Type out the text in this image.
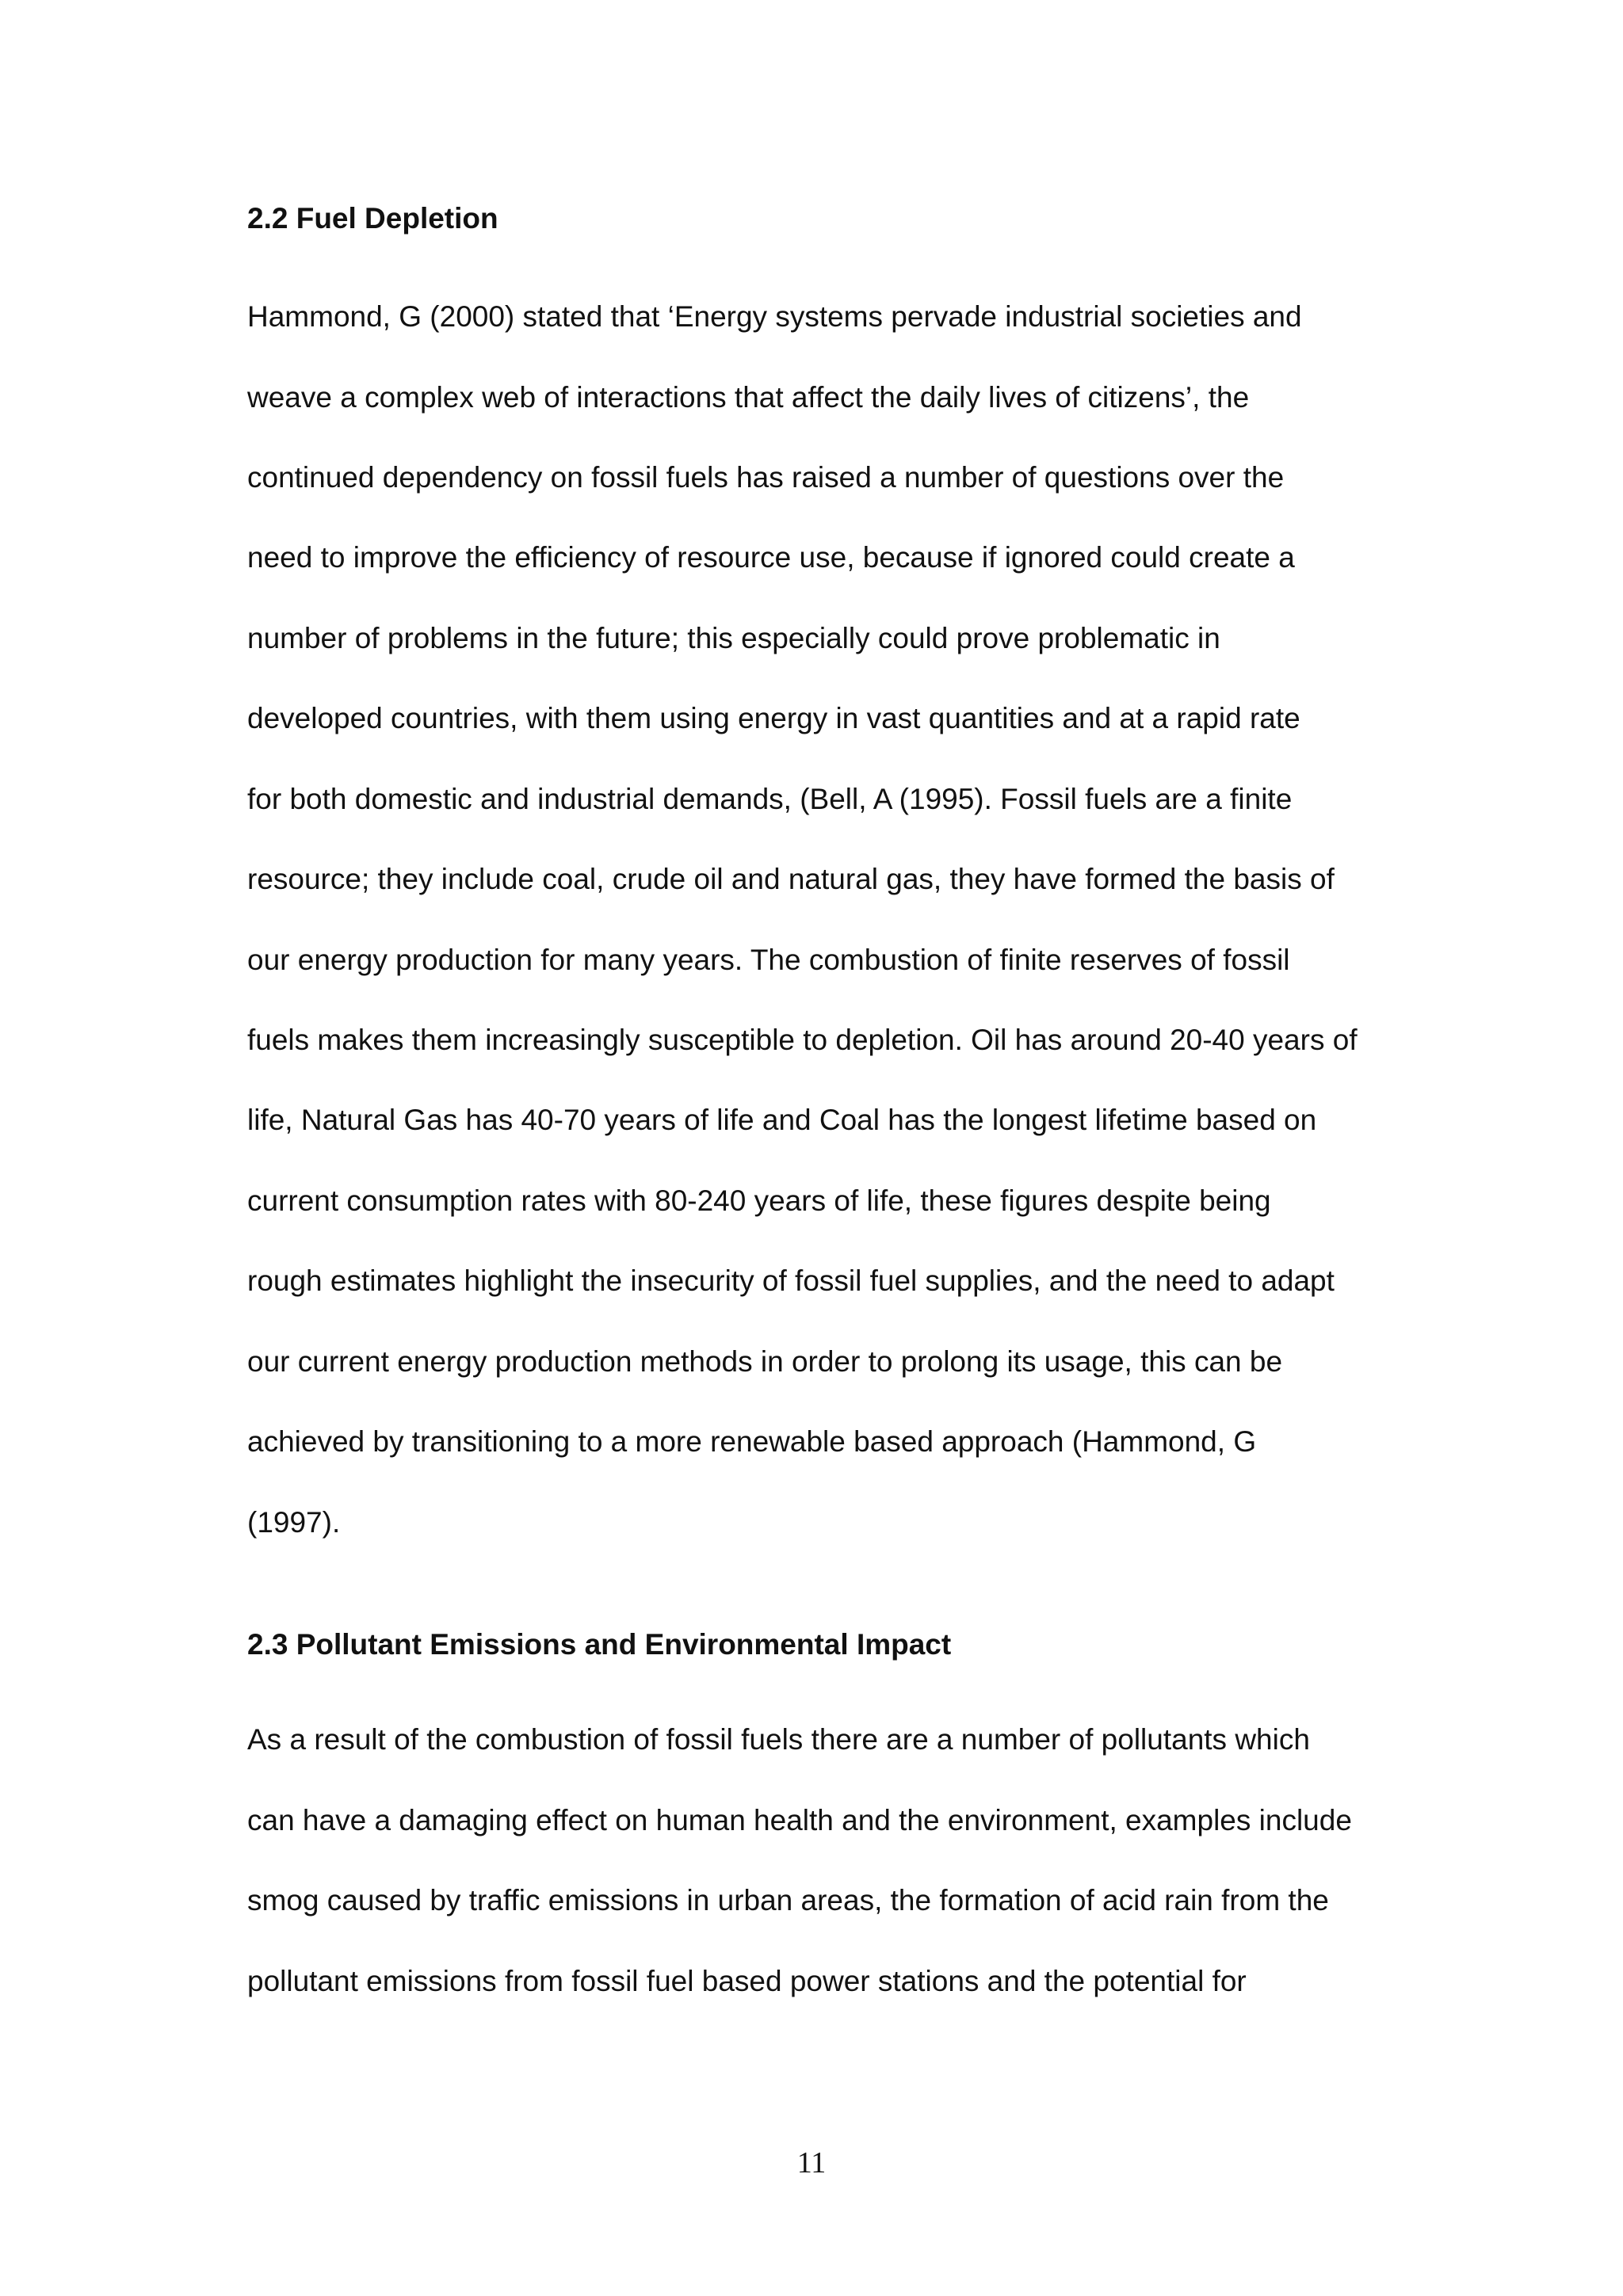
2.2 Fuel Depletion

Hammond, G (2000) stated that ‘Energy systems pervade industrial societies and

weave a complex web of interactions that affect the daily lives of citizens’, the

continued dependency on fossil fuels has raised a number of questions over the

need to improve the efficiency of resource use, because if ignored could create a

number of problems in the future; this especially could prove problematic in

developed countries, with them using energy in vast quantities and at a rapid rate

for both domestic and industrial demands, (Bell, A (1995). Fossil fuels are a finite

resource; they include coal, crude oil and natural gas, they have formed the basis of

our energy production for many years. The combustion of finite reserves of fossil

fuels makes them increasingly susceptible to depletion. Oil has around 20-40 years of

life, Natural Gas has 40-70 years of life and Coal has the longest lifetime based on

current consumption rates with 80-240 years of life, these figures despite being

rough estimates highlight the insecurity of fossil fuel supplies, and the need to adapt

our current energy production methods in order to prolong its usage, this can be

achieved by transitioning to a more renewable based approach (Hammond, G

(1997).

2.3 Pollutant Emissions and Environmental Impact

As a result of the combustion of fossil fuels there are a number of pollutants which

can have a damaging effect on human health and the environment, examples include

smog caused by traffic emissions in urban areas, the formation of acid rain from the

pollutant emissions from fossil fuel based power stations and the potential for

11
